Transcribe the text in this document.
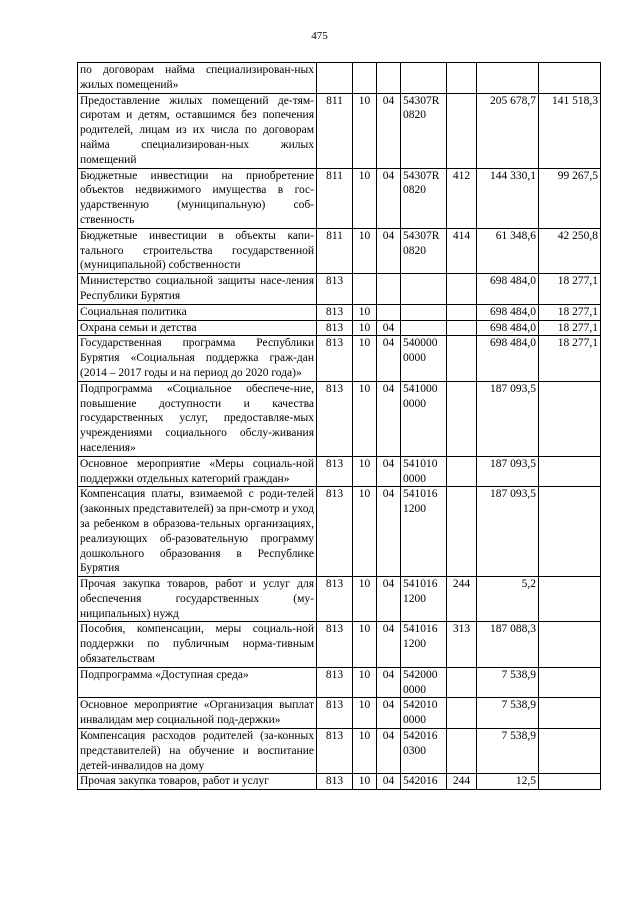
475
по договорам найма специализирован-ных жилых помещений»							
Предоставление жилых помещений де-тям-сиротам и детям, оставшимся без попечения родителей, лицам из их числа по договорам найма специализирован-ных жилых помещений	811	10	04	54307R 0820		205 678,7	141 518,3
Бюджетные инвестиции на приобретение объектов недвижимого имущества в гос-ударственную (муниципальную) соб-ственность	811	10	04	54307R 0820	412	144 330,1	99 267,5
Бюджетные инвестиции в объекты капи-тального строительства государственной (муниципальной) собственности	811	10	04	54307R 0820	414	61 348,6	42 250,8
Министерство социальной защиты насе-ления Республики Бурятия	813					698 484,0	18 277,1
Социальная политика	813	10				698 484,0	18 277,1
Охрана семьи и детства	813	10	04			698 484,0	18 277,1
Государственная программа Республики Бурятия «Социальная поддержка граж-дан (2014 – 2017 годы и на период до 2020 года)»	813	10	04	540000 0000		698 484,0	18 277,1
Подпрограмма «Социальное обеспече-ние, повышение доступности и качества государственных услуг, предоставляе-мых учреждениями социального обслу-живания населения»	813	10	04	541000 0000		187 093,5	
Основное мероприятие «Меры социаль-ной поддержки отдельных категорий граждан»	813	10	04	541010 0000		187 093,5	
Компенсация платы, взимаемой с роди-телей (законных представителей) за при-смотр и уход за ребенком в образова-тельных организациях, реализующих об-разовательную программу дошкольного образования в Республике Бурятия	813	10	04	541016 1200		187 093,5	
Прочая закупка товаров, работ и услуг для обеспечения государственных (му-ниципальных) нужд	813	10	04	541016 1200	244	5,2	
Пособия, компенсации, меры социаль-ной поддержки по публичным норма-тивным обязательствам	813	10	04	541016 1200	313	187 088,3	
Подпрограмма «Доступная среда»	813	10	04	542000 0000		7 538,9	
Основное мероприятие «Организация выплат инвалидам мер социальной под-держки»	813	10	04	542010 0000		7 538,9	
Компенсация расходов родителей (за-конных представителей) на обучение и воспитание детей-инвалидов на дому	813	10	04	542016 0300		7 538,9	
Прочая закупка товаров, работ и услуг	813	10	04	542016	244	12,5	
